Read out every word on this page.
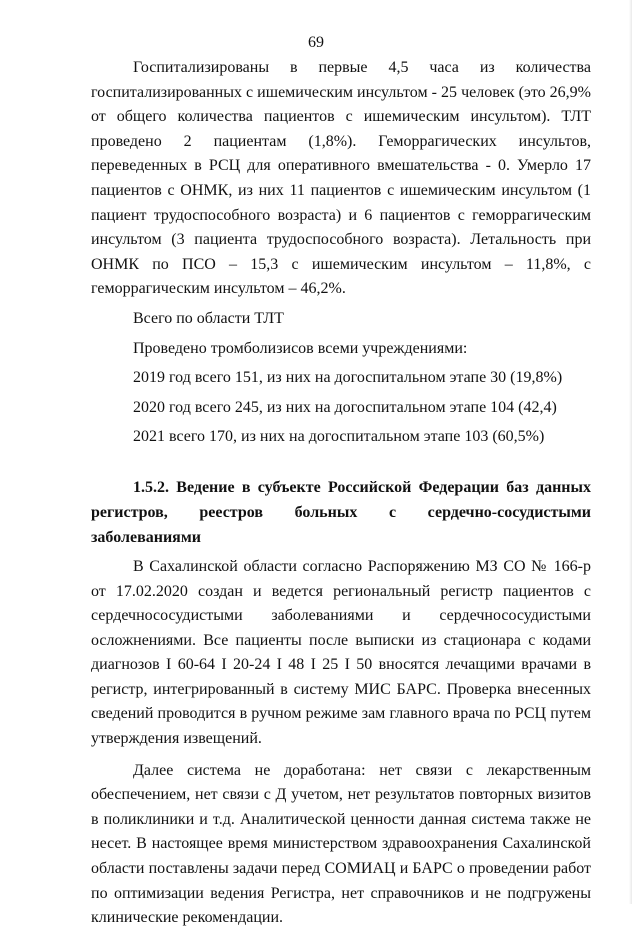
69

Госпитализированы в первые 4,5 часа из количества госпитализированных с ишемическим инсультом - 25 человек (это 26,9% от общего количества пациентов с ишемическим инсультом). ТЛТ проведено 2 пациентам (1,8%). Геморрагических инсультов, переведенных в РСЦ для оперативного вмешательства - 0. Умерло 17 пациентов с ОНМК, из них 11 пациентов с ишемическим инсультом (1 пациент трудоспособного возраста) и 6 пациентов с геморрагическим инсультом (3 пациента трудоспособного возраста). Летальность при ОНМК по ПСО – 15,3 с ишемическим инсультом – 11,8%, с геморрагическим инсультом – 46,2%.

Всего по области ТЛТ

Проведено тромболизисов всеми учреждениями:

2019 год всего 151, из них на догоспитальном этапе 30 (19,8%)

2020 год всего 245, из них на догоспитальном этапе 104 (42,4)

2021 всего 170, из них на догоспитальном этапе 103 (60,5%)

1.5.2. Ведение в субъекте Российской Федерации баз данных регистров, реестров больных с сердечно-сосудистыми заболеваниями

В Сахалинской области согласно Распоряжению МЗ СО № 166-р от 17.02.2020 создан и ведется региональный регистр пациентов с сердечнососудистыми заболеваниями и сердечнососудистыми осложнениями. Все пациенты после выписки из стационара с кодами диагнозов I 60-64 I 20-24 I 48 I 25 I 50 вносятся лечащими врачами в регистр, интегрированный в систему МИС БАРС. Проверка внесенных сведений проводится в ручном режиме зам главного врача по РСЦ путем утверждения извещений.

Далее система не доработана: нет связи с лекарственным обеспечением, нет связи с Д учетом, нет результатов повторных визитов в поликлиники и т.д. Аналитической ценности данная система также не несет. В настоящее время министерством здравоохранения Сахалинской области поставлены задачи перед СОМИАЦ и БАРС о проведении работ по оптимизации ведения Регистра, нет справочников и не подгружены клинические рекомендации.
